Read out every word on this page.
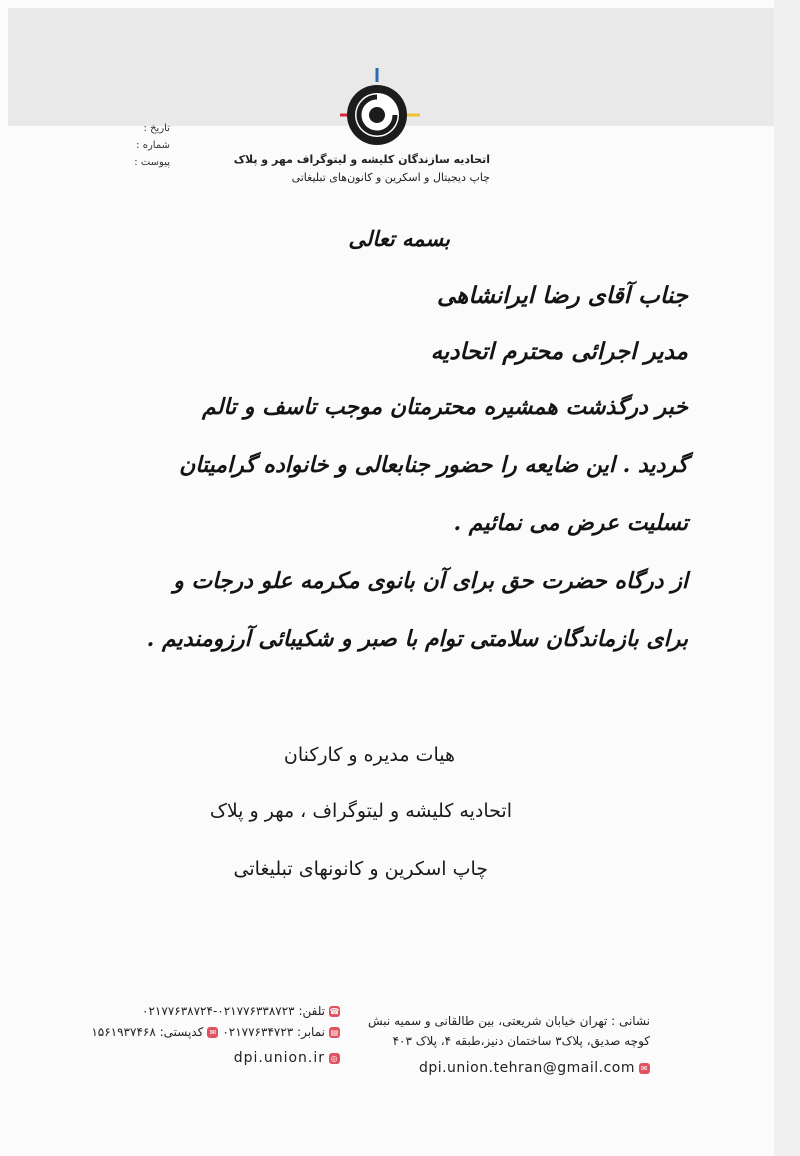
اتحادیه سازندگان کلیشه و لیتوگراف مهر و پلاک
چاپ دیجیتال و اسکرین و کانون‌های تبلیغاتی
تاریخ :
شماره :
پیوست :
بسمه تعالی
جناب آقای رضا ایرانشاهی
مدیر اجرائی محترم اتحادیه
خبر درگذشت همشیره محترمتان موجب تاسف و تالم
گردید . این ضایعه را حضور جنابعالی و خانواده گرامیتان
تسلیت عرض می نمائیم .
از درگاه حضرت حق برای آن بانوی مکرمه علو درجات و
برای بازماندگان سلامتی توام با صبر و شکیبائی آرزومندیم .
هیات مدیره و کارکنان
اتحادیه کلیشه و لیتوگراف ، مهر و پلاک
چاپ اسکرین و کانونهای تبلیغاتی
نشانی : تهران خیابان شریعتی، بین طالقانی و سمیه نبش
کوچه صدیق، پلاک۳ ساختمان دنیز،طبقه ۴، پلاک ۴۰۳
✉
dpi.union.tehran@gmail.com
☎
تلفن: ۰۲۱۷۷۶۳۳۸۷۲۳-۰۲۱۷۷۶۳۸۷۲۴
▤
نمابر: ۰۲۱۷۷۶۳۴۷۲۳
✉
کدپستی: ۱۵۶۱۹۳۷۴۶۸
◎
dpi.union.ir
